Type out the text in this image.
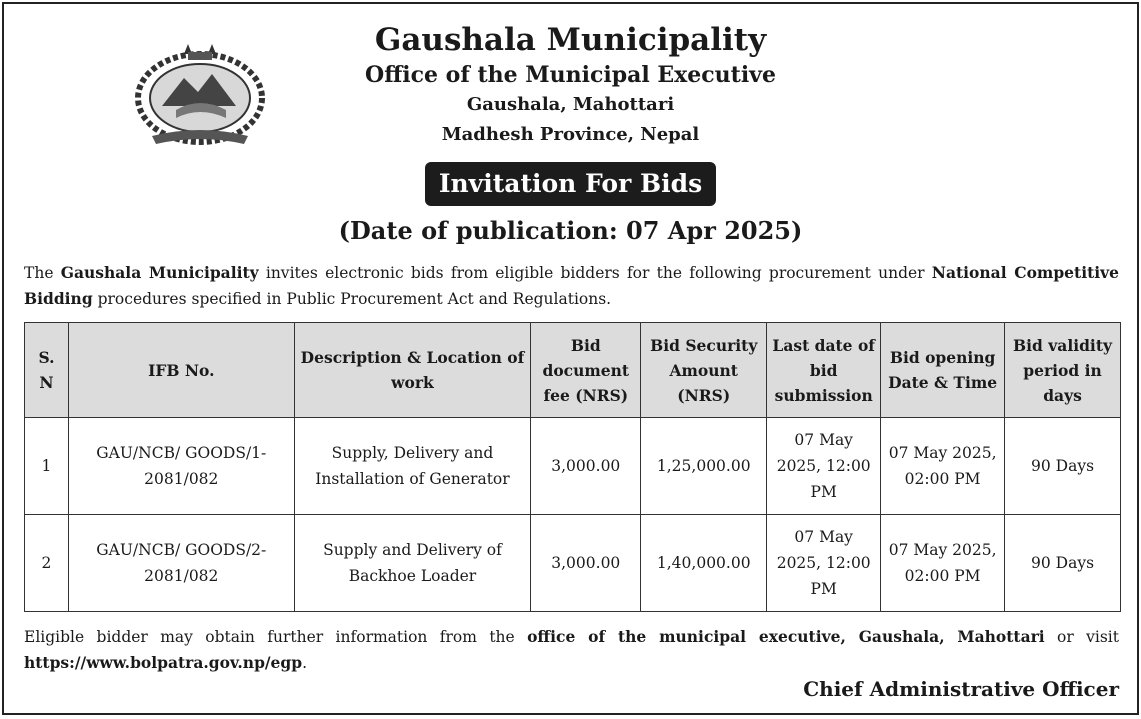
Gaushala Municipality
Office of the Municipal Executive
Gaushala, Mahottari
Madhesh Province, Nepal
Invitation For Bids
(Date of publication: 07 Apr 2025)
The Gaushala Municipality invites electronic bids from eligible bidders for the following procurement under National Competitive Bidding procedures specified in Public Procurement Act and Regulations.
S. N	IFB No.	Description & Location of work	Bid document fee (NRS)	Bid Security Amount (NRS)	Last date of bid submission	Bid opening Date & Time	Bid validity period in days
1	GAU/NCB/ GOODS/1-2081/082	Supply, Delivery and Installation of Generator	3,000.00	1,25,000.00	07 May 2025, 12:00 PM	07 May 2025, 02:00 PM	90 Days
2	GAU/NCB/ GOODS/2-2081/082	Supply and Delivery of Backhoe Loader	3,000.00	1,40,000.00	07 May 2025, 12:00 PM	07 May 2025, 02:00 PM	90 Days
Eligible bidder may obtain further information from the office of the municipal executive, Gaushala, Mahottari or visit https://www.bolpatra.gov.np/egp.
Chief Administrative Officer
